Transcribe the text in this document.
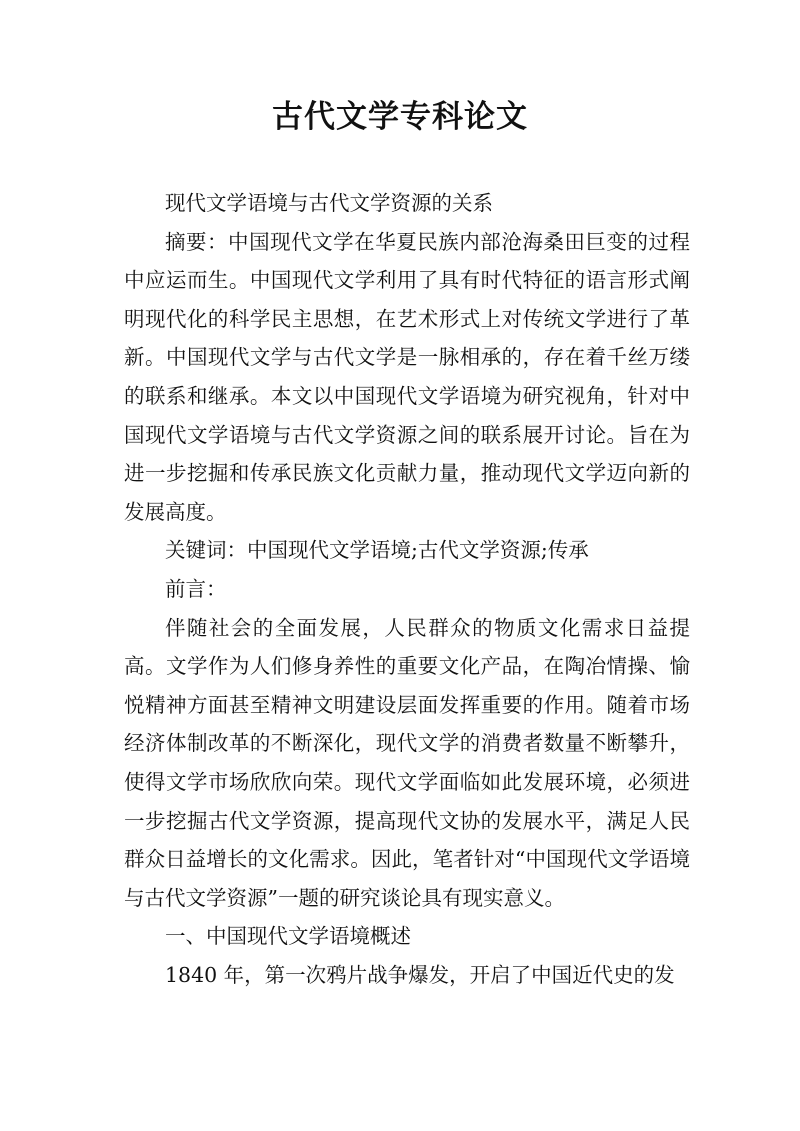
古代文学专科论文

现代文学语境与古代文学资源的关系

摘要：中国现代文学在华夏民族内部沧海桑田巨变的过程中应运而生。中国现代文学利用了具有时代特征的语言形式阐明现代化的科学民主思想，在艺术形式上对传统文学进行了革新。中国现代文学与古代文学是一脉相承的，存在着千丝万缕的联系和继承。本文以中国现代文学语境为研究视角，针对中国现代文学语境与古代文学资源之间的联系展开讨论。旨在为进一步挖掘和传承民族文化贡献力量，推动现代文学迈向新的发展高度。

关键词：中国现代文学语境;古代文学资源;传承

前言：

伴随社会的全面发展，人民群众的物质文化需求日益提高。文学作为人们修身养性的重要文化产品，在陶冶情操、愉悦精神方面甚至精神文明建设层面发挥重要的作用。随着市场经济体制改革的不断深化，现代文学的消费者数量不断攀升，使得文学市场欣欣向荣。现代文学面临如此发展环境，必须进一步挖掘古代文学资源，提高现代文协的发展水平，满足人民群众日益增长的文化需求。因此，笔者针对“中国现代文学语境与古代文学资源”一题的研究谈论具有现实意义。

一、中国现代文学语境概述

1840 年，第一次鸦片战争爆发，开启了中国近代史的发
